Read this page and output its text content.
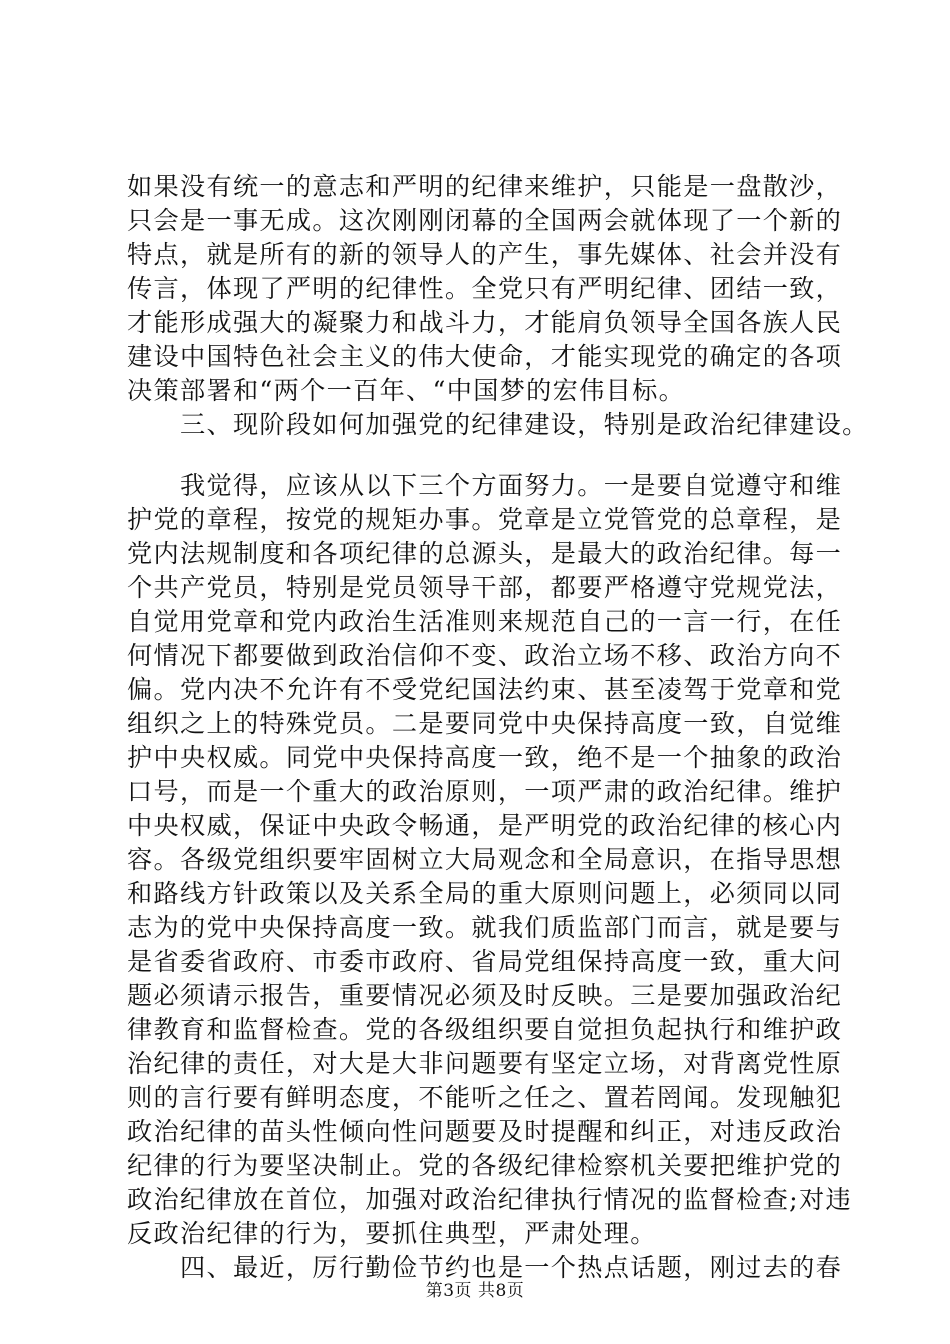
如果没有统一的意志和严明的纪律来维护，只能是一盘散沙，
只会是一事无成。这次刚刚闭幕的全国两会就体现了一个新的
特点，就是所有的新的领导人的产生，事先媒体、社会并没有
传言，体现了严明的纪律性。全党只有严明纪律、团结一致，
才能形成强大的凝聚力和战斗力，才能肩负领导全国各族人民
建设中国特色社会主义的伟大使命，才能实现党的确定的各项
决策部署和“两个一百年、“中国梦的宏伟目标。
　　三、现阶段如何加强党的纪律建设，特别是政治纪律建设。
　　我觉得，应该从以下三个方面努力。一是要自觉遵守和维
护党的章程，按党的规矩办事。党章是立党管党的总章程，是
党内法规制度和各项纪律的总源头，是最大的政治纪律。每一
个共产党员，特别是党员领导干部，都要严格遵守党规党法，
自觉用党章和党内政治生活准则来规范自己的一言一行，在任
何情况下都要做到政治信仰不变、政治立场不移、政治方向不
偏。党内决不允许有不受党纪国法约束、甚至凌驾于党章和党
组织之上的特殊党员。二是要同党中央保持高度一致，自觉维
护中央权威。同党中央保持高度一致，绝不是一个抽象的政治
口号，而是一个重大的政治原则，一项严肃的政治纪律。维护
中央权威，保证中央政令畅通，是严明党的政治纪律的核心内
容。各级党组织要牢固树立大局观念和全局意识，在指导思想
和路线方针政策以及关系全局的重大原则问题上，必须同以同
志为的党中央保持高度一致。就我们质监部门而言，就是要与
是省委省政府、市委市政府、省局党组保持高度一致，重大问
题必须请示报告，重要情况必须及时反映。三是要加强政治纪
律教育和监督检查。党的各级组织要自觉担负起执行和维护政
治纪律的责任，对大是大非问题要有坚定立场，对背离党性原
则的言行要有鲜明态度，不能听之任之、置若罔闻。发现触犯
政治纪律的苗头性倾向性问题要及时提醒和纠正，对违反政治
纪律的行为要坚决制止。党的各级纪律检察机关要把维护党的
政治纪律放在首位，加强对政治纪律执行情况的监督检查;对违
反政治纪律的行为，要抓住典型，严肃处理。
　　四、最近，厉行勤俭节约也是一个热点话题，刚过去的春
第3页 共8页
